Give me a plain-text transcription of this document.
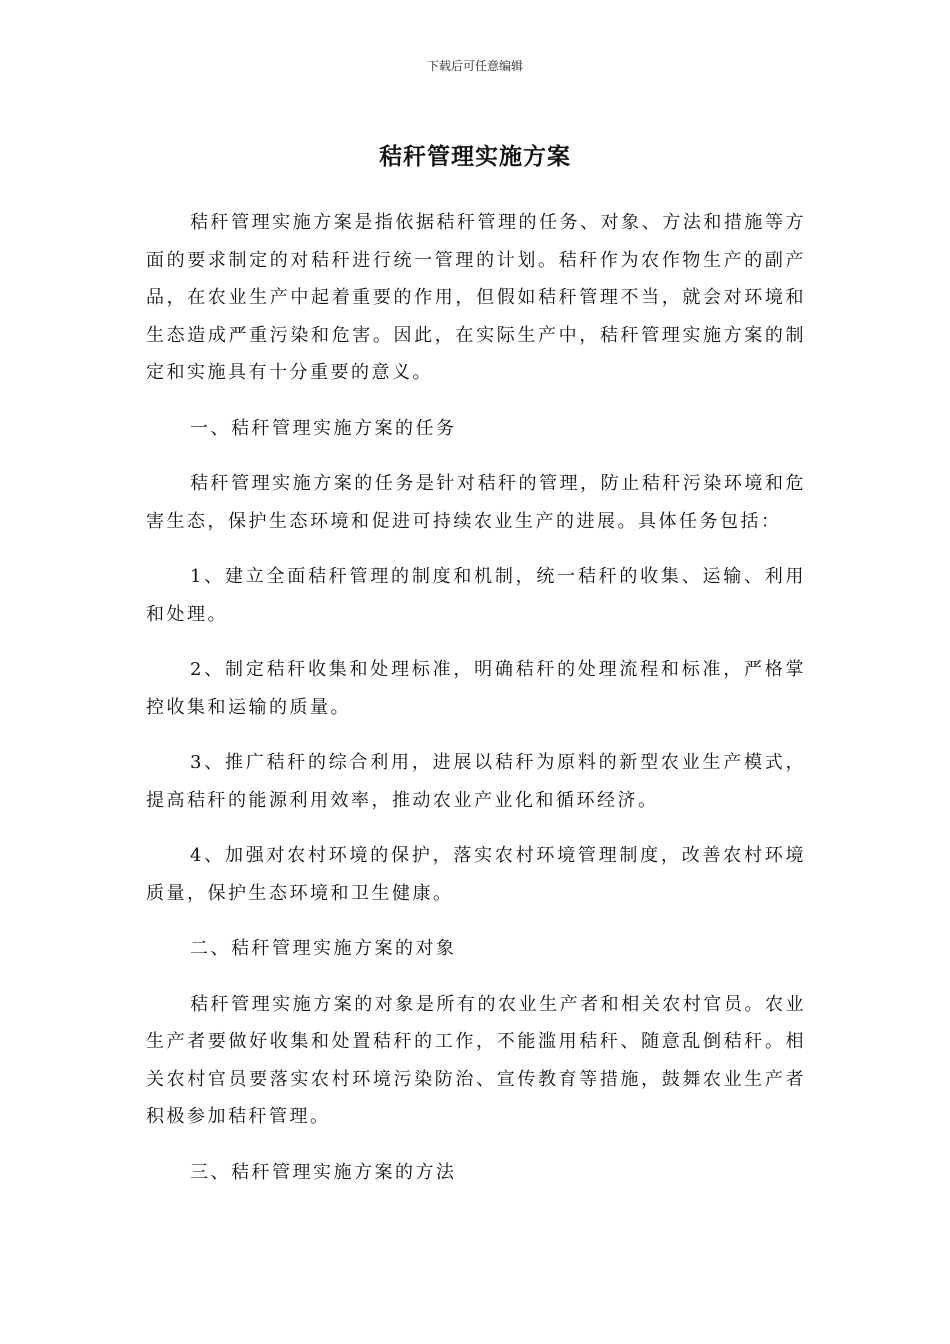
下载后可任意编辑
秸秆管理实施方案

秸秆管理实施方案是指依据秸秆管理的任务、对象、方法和措施等方面的要求制定的对秸秆进行统一管理的计划。秸秆作为农作物生产的副产品，在农业生产中起着重要的作用，但假如秸秆管理不当，就会对环境和生态造成严重污染和危害。因此，在实际生产中，秸秆管理实施方案的制定和实施具有十分重要的意义。

一、秸秆管理实施方案的任务

秸秆管理实施方案的任务是针对秸秆的管理，防止秸秆污染环境和危害生态，保护生态环境和促进可持续农业生产的进展。具体任务包括：

1、建立全面秸秆管理的制度和机制，统一秸秆的收集、运输、利用和处理。

2、制定秸秆收集和处理标准，明确秸秆的处理流程和标准，严格掌控收集和运输的质量。

3、推广秸秆的综合利用，进展以秸秆为原料的新型农业生产模式，提高秸秆的能源利用效率，推动农业产业化和循环经济。

4、加强对农村环境的保护，落实农村环境管理制度，改善农村环境质量，保护生态环境和卫生健康。

二、秸秆管理实施方案的对象

秸秆管理实施方案的对象是所有的农业生产者和相关农村官员。农业生产者要做好收集和处置秸秆的工作，不能滥用秸秆、随意乱倒秸秆。相关农村官员要落实农村环境污染防治、宣传教育等措施，鼓舞农业生产者积极参加秸秆管理。

三、秸秆管理实施方案的方法
